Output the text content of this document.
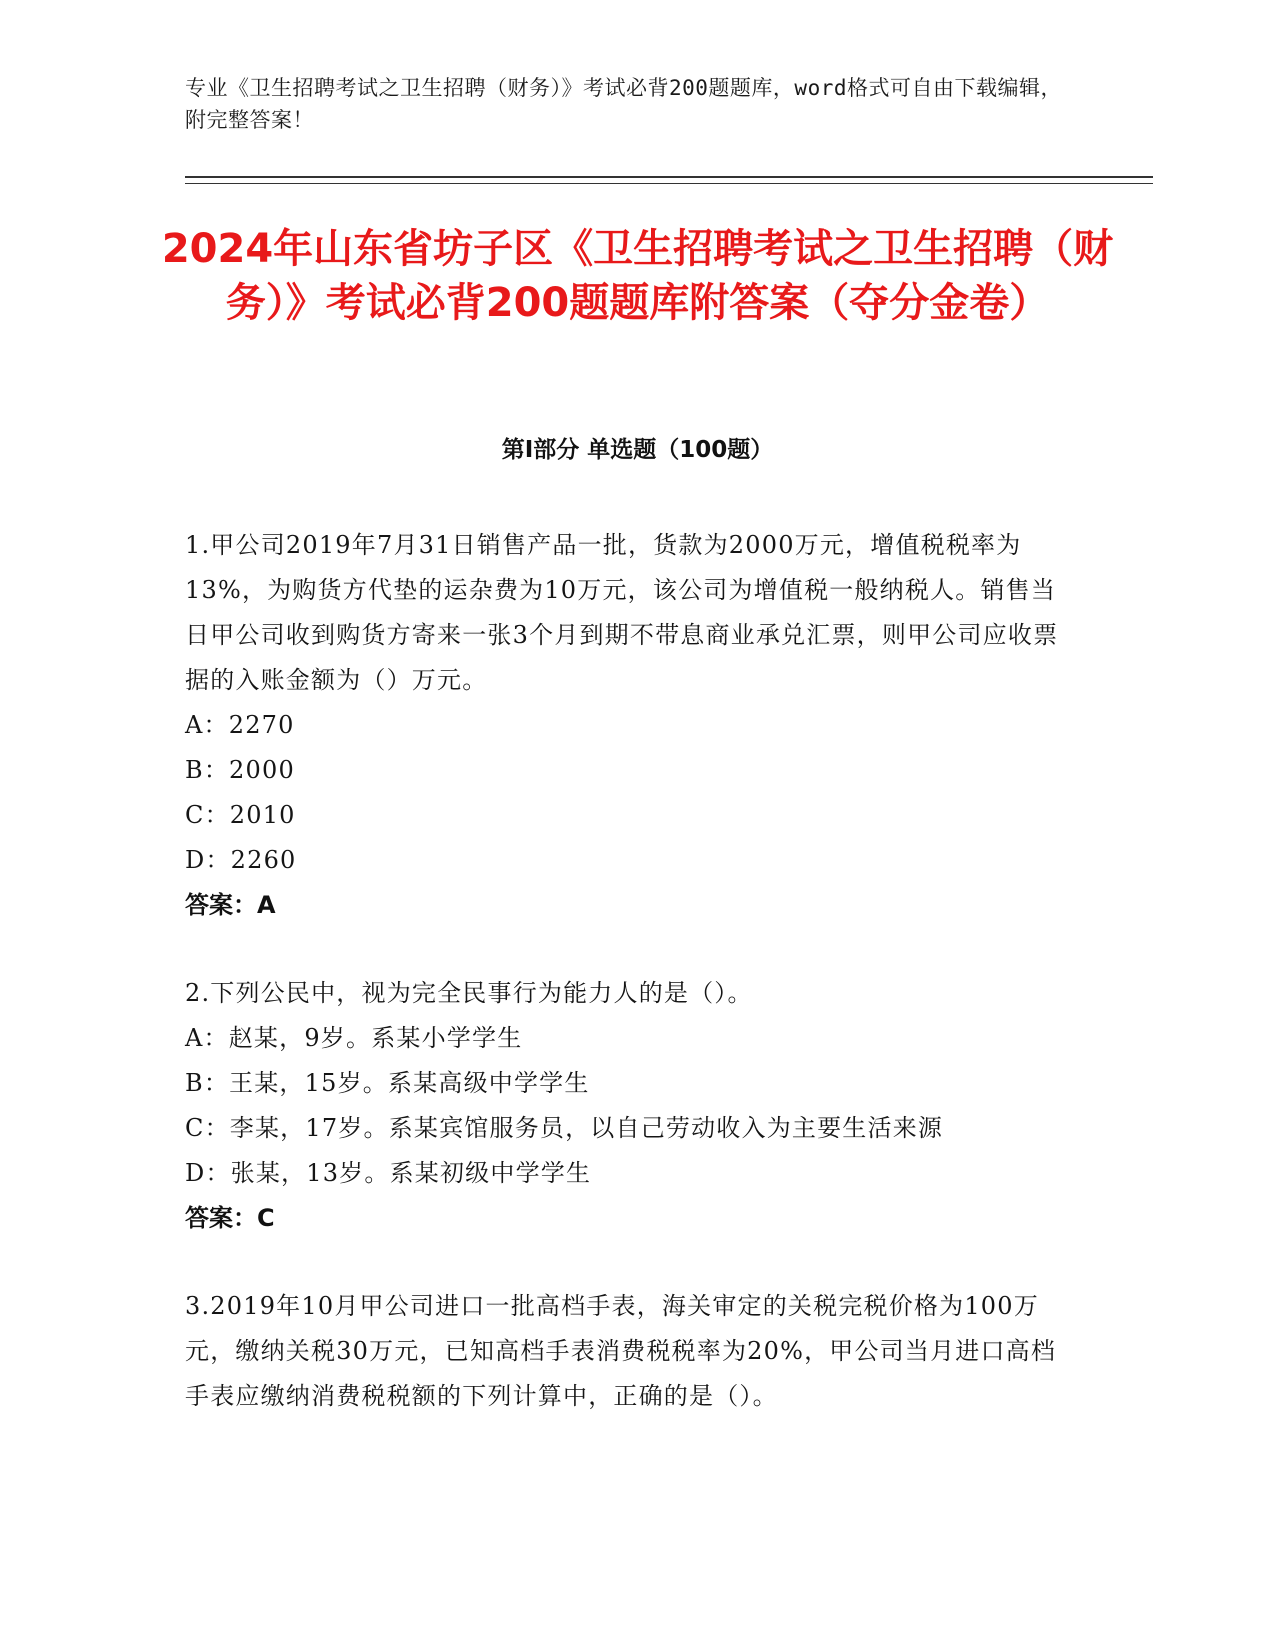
专业《卫生招聘考试之卫生招聘（财务）》考试必背200题题库，word格式可自由下载编辑，附完整答案！

2024年山东省坊子区《卫生招聘考试之卫生招聘（财务）》考试必背200题题库附答案（夺分金卷）
第Ⅰ部分 单选题（100题）

1.甲公司2019年7月31日销售产品一批，货款为2000万元，增值税税率为13%，为购货方代垫的运杂费为10万元，该公司为增值税一般纳税人。销售当日甲公司收到购货方寄来一张3个月到期不带息商业承兑汇票，则甲公司应收票据的入账金额为（）万元。

A：2270

B：2000

C：2010

D：2260

答案：A

2.下列公民中，视为完全民事行为能力人的是（）。

A：赵某，9岁。系某小学学生

B：王某，15岁。系某高级中学学生

C：李某，17岁。系某宾馆服务员，以自己劳动收入为主要生活来源

D：张某，13岁。系某初级中学学生

答案：C

3.2019年10月甲公司进口一批高档手表，海关审定的关税完税价格为100万元，缴纳关税30万元，已知高档手表消费税税率为20%，甲公司当月进口高档手表应缴纳消费税税额的下列计算中，正确的是（）。
